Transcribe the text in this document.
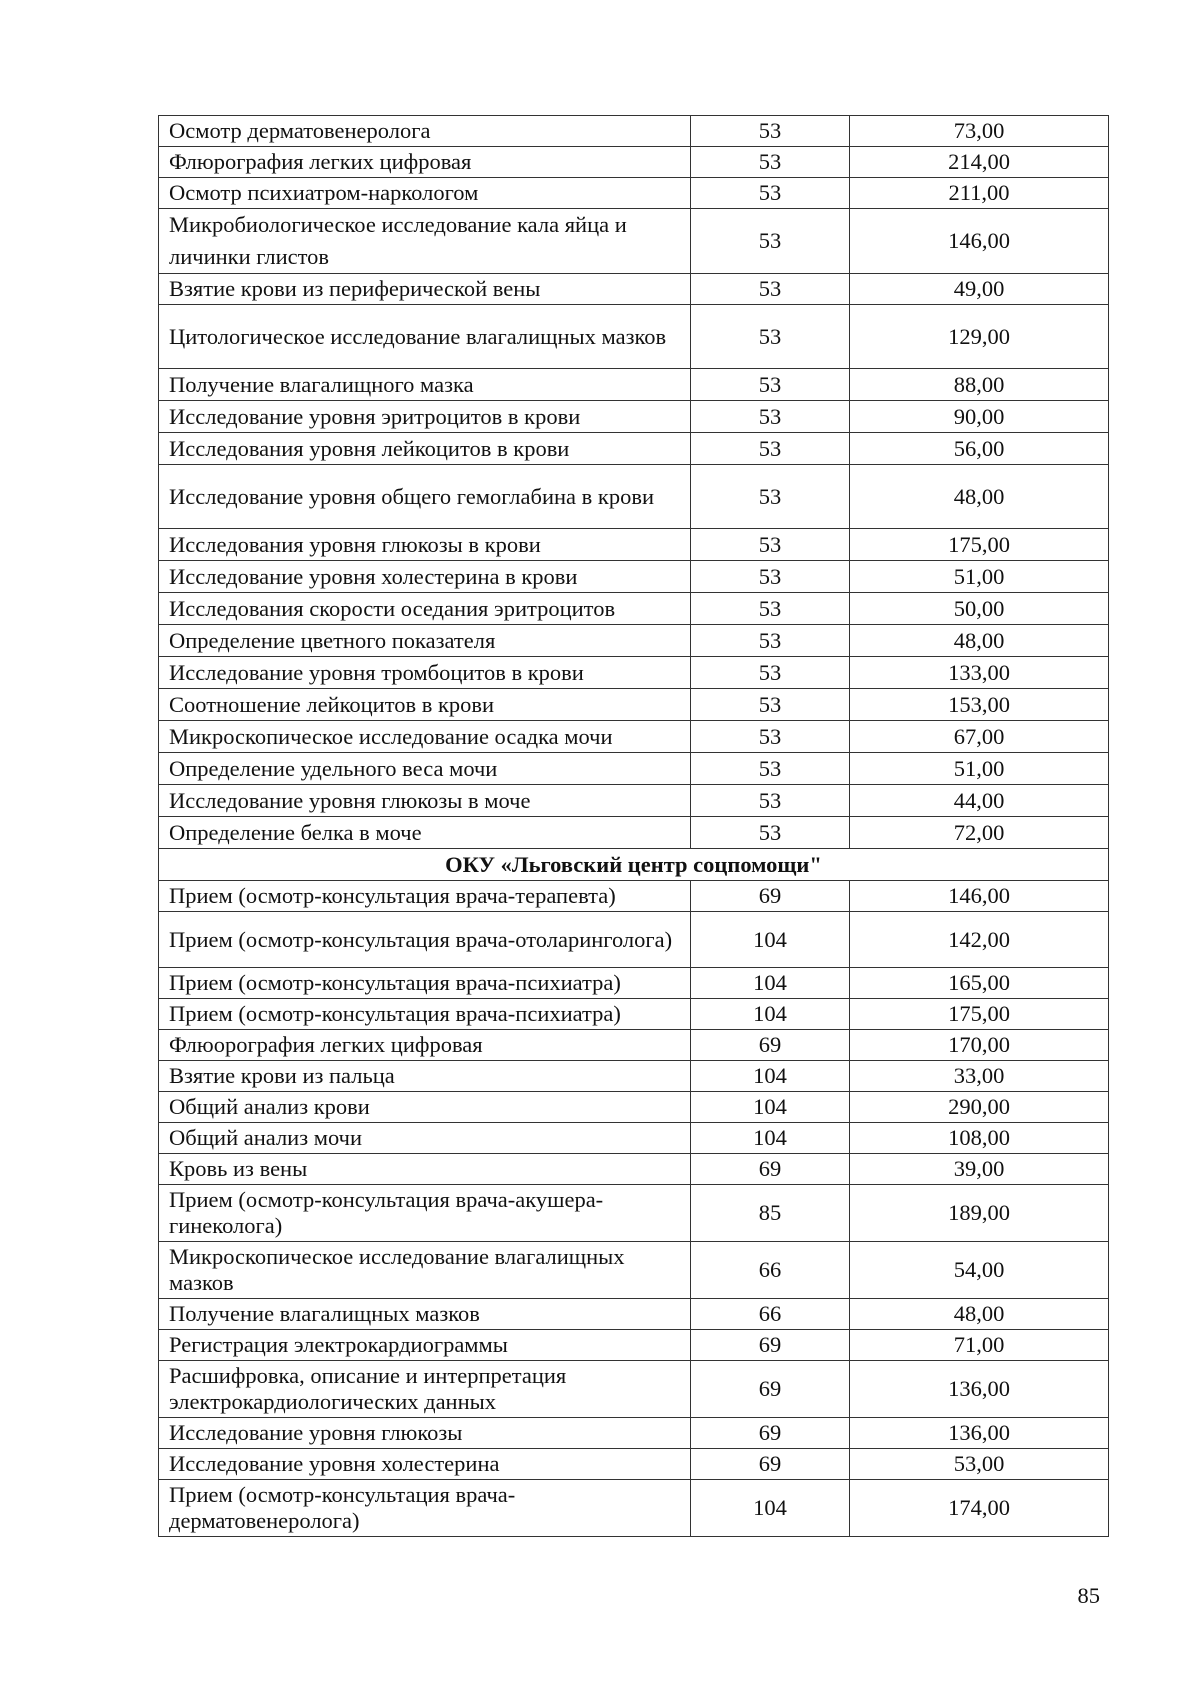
Осмотр дерматовенеролога	53	73,00
Флюрография легких цифровая	53	214,00
Осмотр психиатром-наркологом	53	211,00
Микробиологическое исследование кала яйца и личинки глистов	53	146,00
Взятие крови из периферической вены	53	49,00
Цитологическое исследование влагалищных мазков	53	129,00
Получение влагалищного мазка	53	88,00
Исследование уровня эритроцитов в крови	53	90,00
Исследования уровня лейкоцитов в крови	53	56,00
Исследование уровня общего гемоглабина в крови	53	48,00
Исследования уровня глюкозы в крови	53	175,00
Исследование уровня холестерина в крови	53	51,00
Исследования скорости оседания эритроцитов	53	50,00
Определение цветного показателя	53	48,00
Исследование уровня тромбоцитов в крови	53	133,00
Соотношение лейкоцитов в крови	53	153,00
Микроскопическое исследование осадка мочи	53	67,00
Определение удельного веса мочи	53	51,00
Исследование уровня глюкозы в моче	53	44,00
Определение белка в моче	53	72,00
ОКУ «Льговский центр соцпомощи"		
Прием (осмотр-консультация врача-терапевта)	69	146,00
Прием (осмотр-консультация врача-отоларинголога)	104	142,00
Прием (осмотр-консультация врача-психиатра)	104	165,00
Прием (осмотр-консультация врача-психиатра)	104	175,00
Флюорография легких цифровая	69	170,00
Взятие крови из пальца	104	33,00
Общий анализ крови	104	290,00
Общий анализ мочи	104	108,00
Кровь из вены	69	39,00
Прием (осмотр-консультация врача-акушера-гинеколога)	85	189,00
Микроскопическое исследование влагалищных мазков	66	54,00
Получение влагалищных мазков	66	48,00
Регистрация электрокардиограммы	69	71,00
Расшифровка, описание и интерпретация электрокардиологических данных	69	136,00
Исследование уровня глюкозы	69	136,00
Исследование уровня холестерина	69	53,00
Прием (осмотр-консультация врача-дерматовенеролога)	104	174,00
85
